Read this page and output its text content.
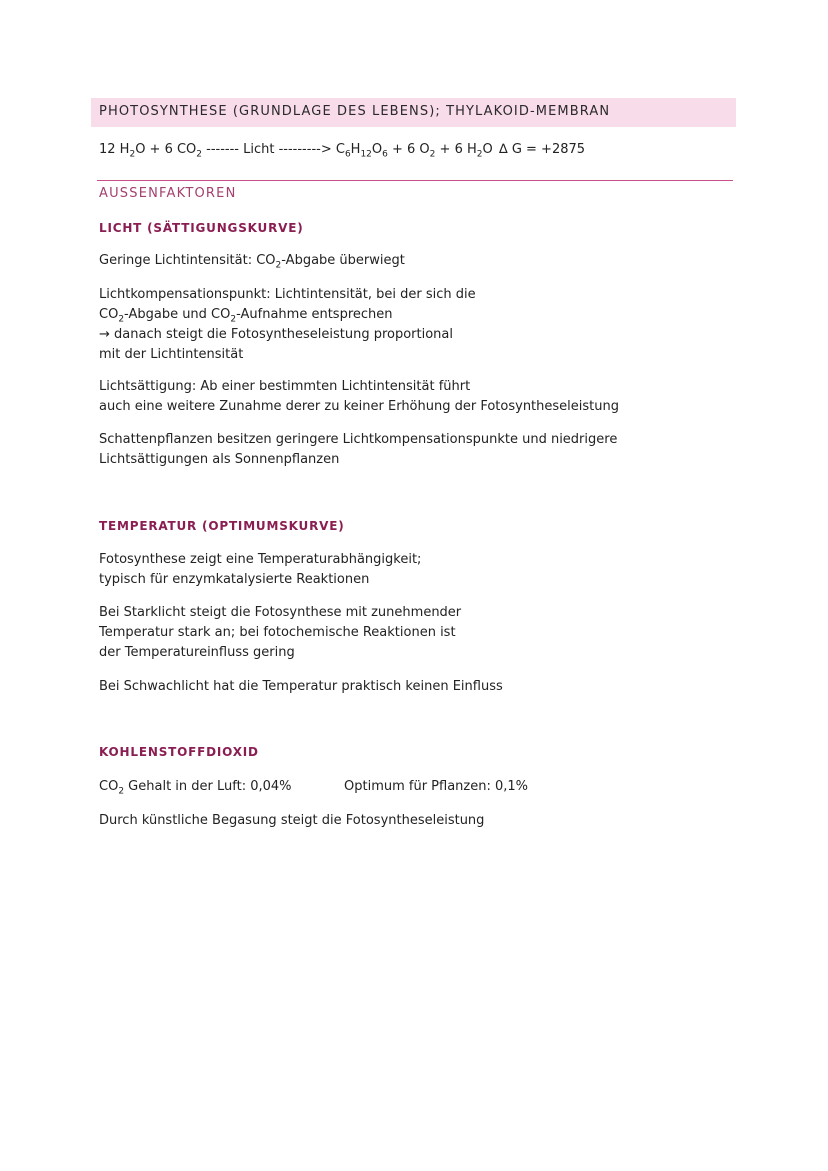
PHOTOSYNTHESE (GRUNDLAGE DES LEBENS); THYLAKOID-MEMBRAN
12 $H_2O + 6$ $CO_2$ ------- Licht ---------> $C_6H_{12}O_6 + 6$ $O_2 + 6$ $H_2O$ ∆ G = +2875
AUSSENFAKTOREN
LICHT (SÄTTIGUNGSKURVE)
Geringe Lichtintensität: $CO_2$-Abgabe überwiegt
Lichtkompensationspunkt: Lichtintensität, bei der sich die
$CO_2$-Abgabe und $CO_2$-Aufnahme entsprechen
→ danach steigt die Fotosyntheseleistung proportional
mit der Lichtintensität
Lichtsättigung: Ab einer bestimmten Lichtintensität führt
auch eine weitere Zunahme derer zu keiner Erhöhung der Fotosyntheseleistung
Schattenpflanzen besitzen geringere Lichtkompensationspunkte und niedrigere
Lichtsättigungen als Sonnenpflanzen
TEMPERATUR (OPTIMUMSKURVE)
Fotosynthese zeigt eine Temperaturabhängigkeit;
typisch für enzymkatalysierte Reaktionen
Bei Starklicht steigt die Fotosynthese mit zunehmender
Temperatur stark an; bei fotochemische Reaktionen ist
der Temperatureinfluss gering
Bei Schwachlicht hat die Temperatur praktisch keinen Einfluss
KOHLENSTOFFDIOXID
$CO_2$ Gehalt in der Luft: 0,04%	Optimum für Pflanzen: 0,1%
Durch künstliche Begasung steigt die Fotosyntheseleistung
